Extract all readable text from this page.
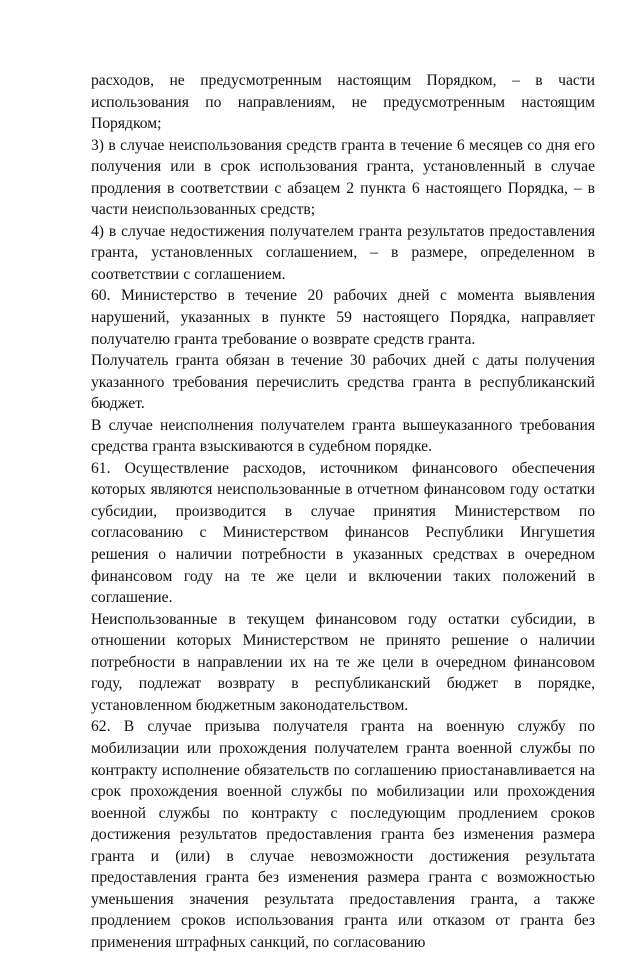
расходов, не предусмотренным настоящим Порядком, – в части использования по направлениям, не предусмотренным настоящим Порядком;

3) в случае неиспользования средств гранта в течение 6 месяцев со дня его получения или в срок использования гранта, установленный в случае продления в соответствии с абзацем 2 пункта 6 настоящего Порядка, – в части неиспользованных средств;

4) в случае недостижения получателем гранта результатов предоставления гранта, установленных соглашением, – в размере, определенном в соответствии с соглашением.

60. Министерство в течение 20 рабочих дней с момента выявления нарушений, указанных в пункте 59 настоящего Порядка, направляет получателю гранта требование о возврате средств гранта.

Получатель гранта обязан в течение 30 рабочих дней с даты получения указанного требования перечислить средства гранта в республиканский бюджет.

В случае неисполнения получателем гранта вышеуказанного требования средства гранта взыскиваются в судебном порядке.

61. Осуществление расходов, источником финансового обеспечения которых являются неиспользованные в отчетном финансовом году остатки субсидии, производится в случае принятия Министерством по согласованию с Министерством финансов Республики Ингушетия решения о наличии потребности в указанных средствах в очередном финансовом году на те же цели и включении таких положений в соглашение.

Неиспользованные в текущем финансовом году остатки субсидии, в отношении которых Министерством не принято решение о наличии потребности в направлении их на те же цели в очередном финансовом году, подлежат возврату в республиканский бюджет в порядке, установленном бюджетным законодательством.

62. В случае призыва получателя гранта на военную службу по мобилизации или прохождения получателем гранта военной службы по контракту исполнение обязательств по соглашению приостанавливается на срок прохождения военной службы по мобилизации или прохождения военной службы по контракту с последующим продлением сроков достижения результатов предоставления гранта без изменения размера гранта и (или) в случае невозможности достижения результата предоставления гранта без изменения размера гранта с возможностью уменьшения значения результата предоставления гранта, а также продлением сроков использования гранта или отказом от гранта без применения штрафных санкций, по согласованию
